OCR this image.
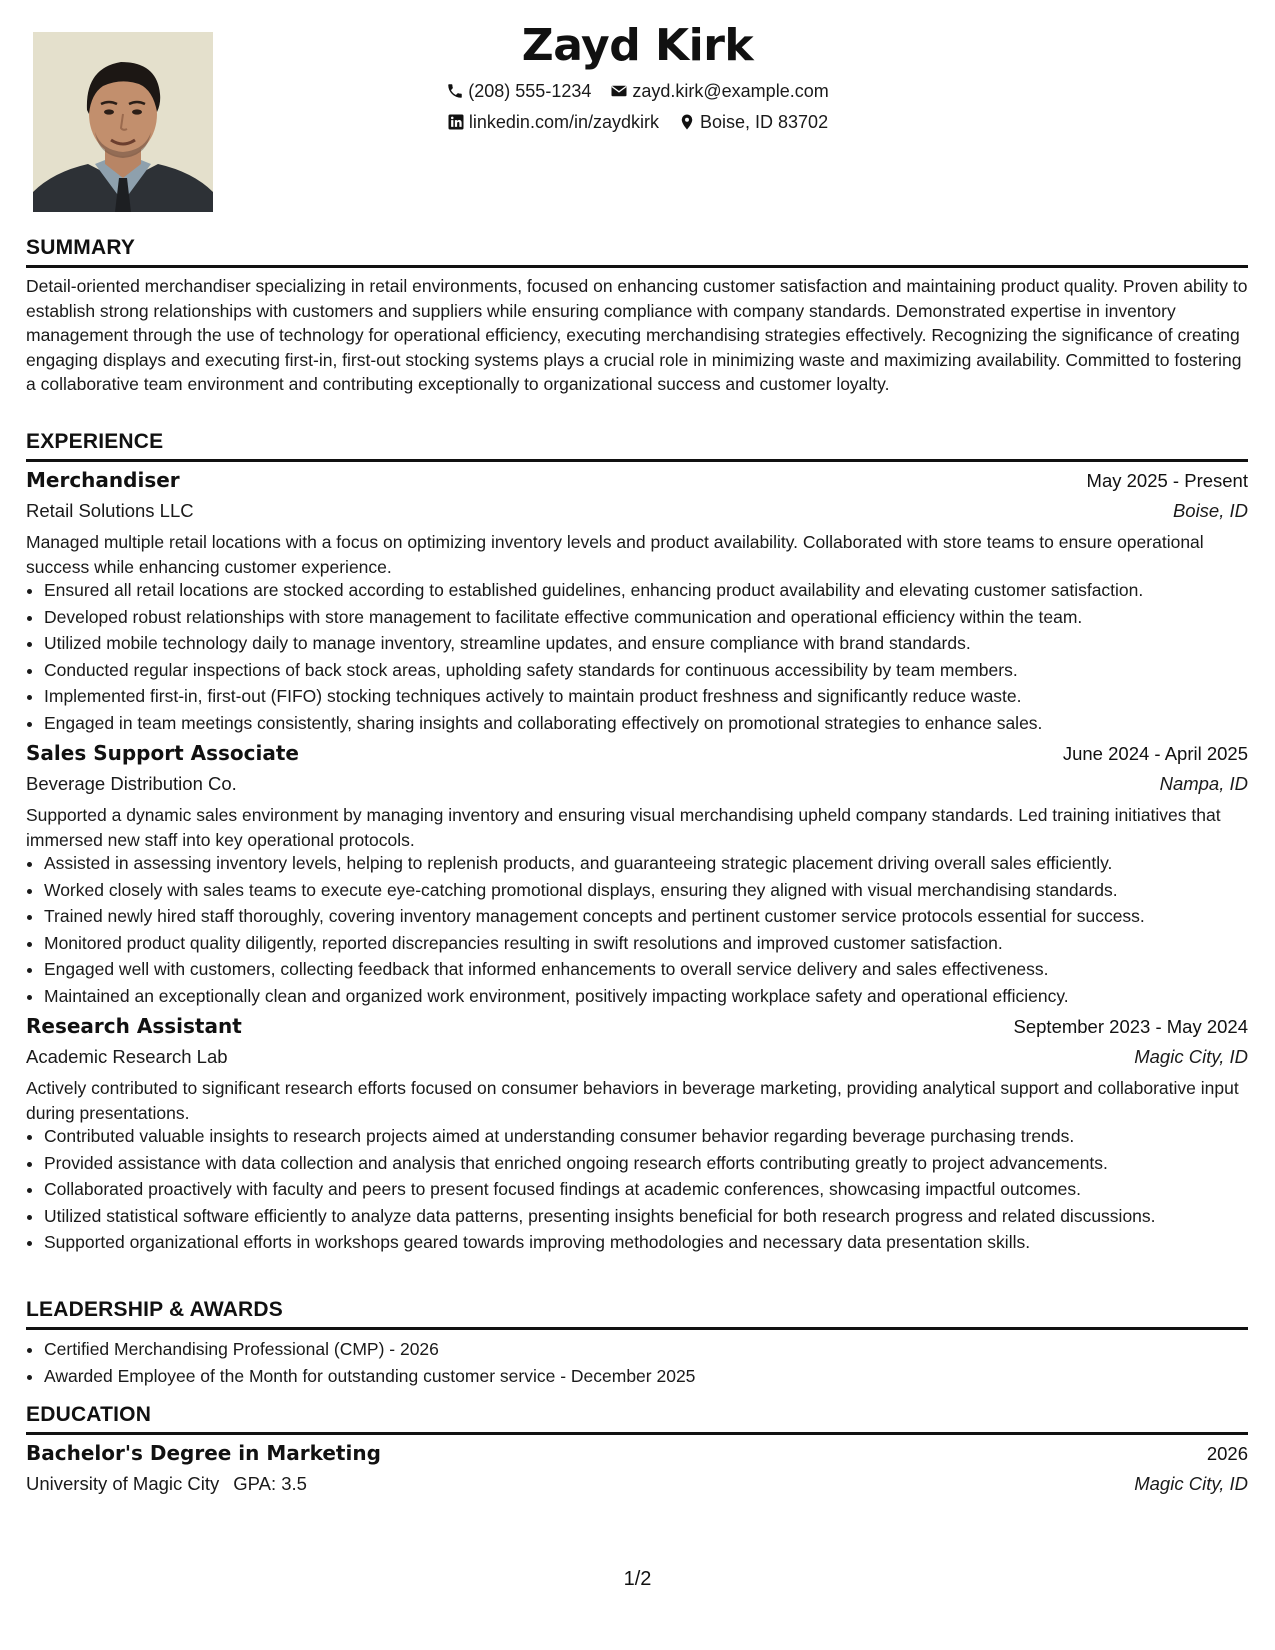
Zayd Kirk
(208) 555-1234 zayd.kirk@example.com
linkedin.com/in/zaydkirk Boise, ID 83702
SUMMARY

Detail-oriented merchandiser specializing in retail environments, focused on enhancing customer satisfaction and maintaining product quality. Proven ability to establish strong relationships with customers and suppliers while ensuring compliance with company standards. Demonstrated expertise in inventory management through the use of technology for operational efficiency, executing merchandising strategies effectively. Recognizing the significance of creating engaging displays and executing first-in, first-out stocking systems plays a crucial role in minimizing waste and maximizing availability. Committed to fostering a collaborative team environment and contributing exceptionally to organizational success and customer loyalty.

EXPERIENCE
Merchandiser	May 2025 - Present
Retail Solutions LLC	Boise, ID

Managed multiple retail locations with a focus on optimizing inventory levels and product availability. Collaborated with store teams to ensure operational success while enhancing customer experience.

• Ensured all retail locations are stocked according to established guidelines, enhancing product availability and elevating customer satisfaction.
• Developed robust relationships with store management to facilitate effective communication and operational efficiency within the team.
• Utilized mobile technology daily to manage inventory, streamline updates, and ensure compliance with brand standards.
• Conducted regular inspections of back stock areas, upholding safety standards for continuous accessibility by team members.
• Implemented first-in, first-out (FIFO) stocking techniques actively to maintain product freshness and significantly reduce waste.
• Engaged in team meetings consistently, sharing insights and collaborating effectively on promotional strategies to enhance sales.
Sales Support Associate	June 2024 - April 2025
Beverage Distribution Co.	Nampa, ID

Supported a dynamic sales environment by managing inventory and ensuring visual merchandising upheld company standards. Led training initiatives that immersed new staff into key operational protocols.

• Assisted in assessing inventory levels, helping to replenish products, and guaranteeing strategic placement driving overall sales efficiently.
• Worked closely with sales teams to execute eye-catching promotional displays, ensuring they aligned with visual merchandising standards.
• Trained newly hired staff thoroughly, covering inventory management concepts and pertinent customer service protocols essential for success.
• Monitored product quality diligently, reported discrepancies resulting in swift resolutions and improved customer satisfaction.
• Engaged well with customers, collecting feedback that informed enhancements to overall service delivery and sales effectiveness.
• Maintained an exceptionally clean and organized work environment, positively impacting workplace safety and operational efficiency.
Research Assistant	September 2023 - May 2024
Academic Research Lab	Magic City, ID

Actively contributed to significant research efforts focused on consumer behaviors in beverage marketing, providing analytical support and collaborative input during presentations.

• Contributed valuable insights to research projects aimed at understanding consumer behavior regarding beverage purchasing trends.
• Provided assistance with data collection and analysis that enriched ongoing research efforts contributing greatly to project advancements.
• Collaborated proactively with faculty and peers to present focused findings at academic conferences, showcasing impactful outcomes.
• Utilized statistical software efficiently to analyze data patterns, presenting insights beneficial for both research progress and related discussions.
• Supported organizational efforts in workshops geared towards improving methodologies and necessary data presentation skills.
LEADERSHIP & AWARDS
• Certified Merchandising Professional (CMP) - 2026
• Awarded Employee of the Month for outstanding customer service - December 2025
EDUCATION
Bachelor's Degree in Marketing	2026
University of Magic City GPA: 3.5	Magic City, ID
1/2
